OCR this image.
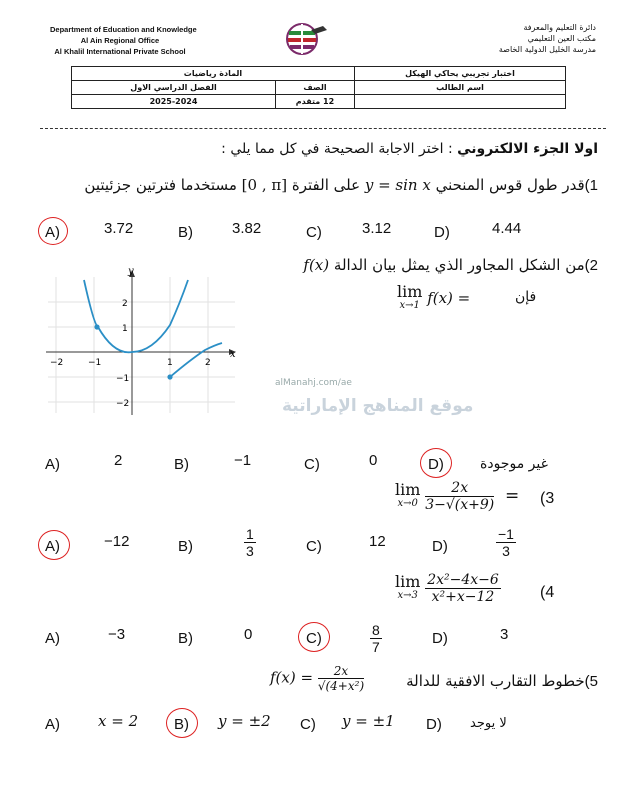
Department of Education and Knowledge
Al Ain Regional Office
Al Khalil International Private School
دائرة التعليم والمعرفة
مكتب العين التعليمي
مدرسة الخليل الدولية الخاصة
المادة رياضيات		اختبار تجريبي يحاكي الهيكل
الفصل الدراسي الاول	الصف	اسم الطالب
2025-2024	12 متقدم	
اولا الجزء الالكتروني : اختر الاجابة الصحيحة في كل مما يلي :
1)قدر طول قوس المنحني y = sin x على الفترة [0 , π] مستخدما فترتين جزئيتين
A)	3.72	B)	3.82	C)	3.12	D)	4.44
2)من الشكل المجاور الذي يمثل بيان الدالة f(x)
lim
x→1 f(x) =	فإن
x
y
−2	−1	1	2
2
1
−1
−2
alManahj.com/ae
موقع المناهج الإماراتية
A)	2	B)	−1	C)	0	D)	غير موجودة
lim
x→0
$\frac{2x}{3-√(x+9)} = (3$
A)	−12	B)	$\frac{1}{3}$	C)	12	D)	$\frac{-1}{3}$
lim
x→3
$\frac{\text{2x²−4x−6}}{\text{x²+x−12}} (4$
A)	−3	B)	0	C)	$\frac{8}{7}$	D)	3
$f(x) = \frac{2x}{\text{√(4+x²)}}$	5)خطوط التقارب الافقية للدالة
A)	x = 2 B) y = ±2 C) y = ±1 D) لا يوجد
